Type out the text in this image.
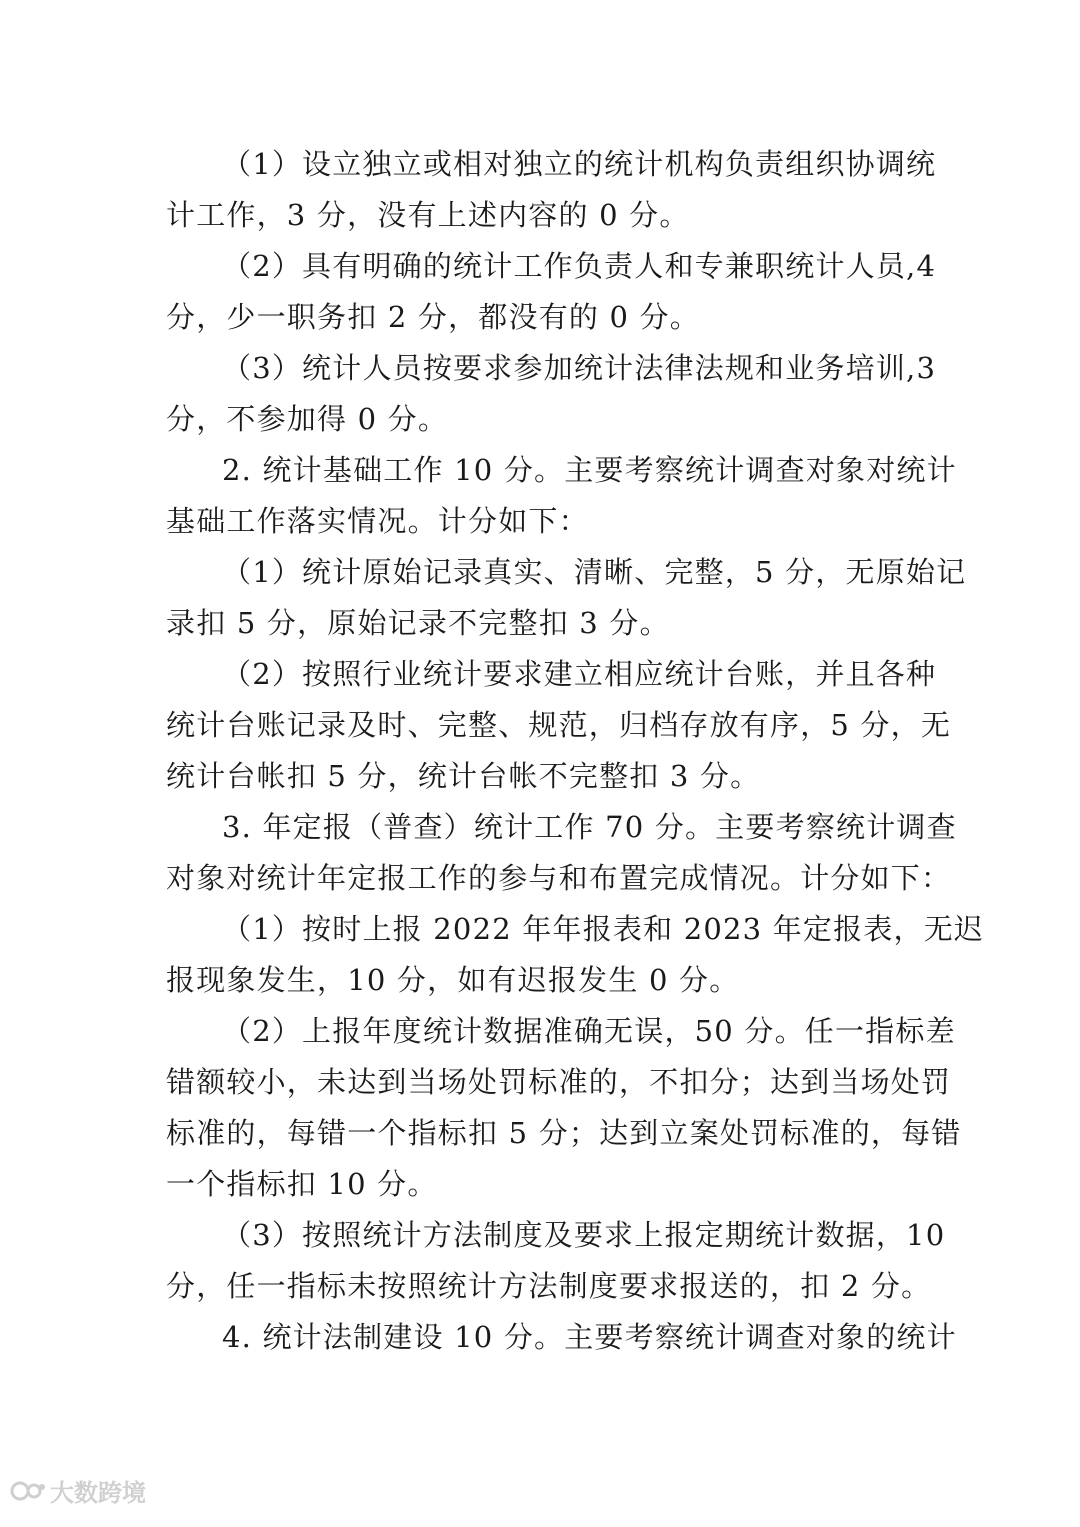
（1）设立独立或相对独立的统计机构负责组织协调统
计工作，3 分，没有上述内容的 0 分。
（2）具有明确的统计工作负责人和专兼职统计人员,4
分，少一职务扣 2 分，都没有的 0 分。
（3）统计人员按要求参加统计法律法规和业务培训,3
分，不参加得 0 分。
2. 统计基础工作 10 分。主要考察统计调查对象对统计
基础工作落实情况。计分如下：
（1）统计原始记录真实、清晰、完整，5 分，无原始记
录扣 5 分，原始记录不完整扣 3 分。
（2）按照行业统计要求建立相应统计台账，并且各种
统计台账记录及时、完整、规范，归档存放有序，5 分，无
统计台帐扣 5 分，统计台帐不完整扣 3 分。
3. 年定报（普查）统计工作 70 分。主要考察统计调查
对象对统计年定报工作的参与和布置完成情况。计分如下：
（1）按时上报 2022 年年报表和 2023 年定报表，无迟
报现象发生，10 分，如有迟报发生 0 分。
（2）上报年度统计数据准确无误，50 分。任一指标差
错额较小，未达到当场处罚标准的，不扣分；达到当场处罚
标准的，每错一个指标扣 5 分；达到立案处罚标准的，每错
一个指标扣 10 分。
（3）按照统计方法制度及要求上报定期统计数据，10
分，任一指标未按照统计方法制度要求报送的，扣 2 分。
4. 统计法制建设 10 分。主要考察统计调查对象的统计
大数跨境
